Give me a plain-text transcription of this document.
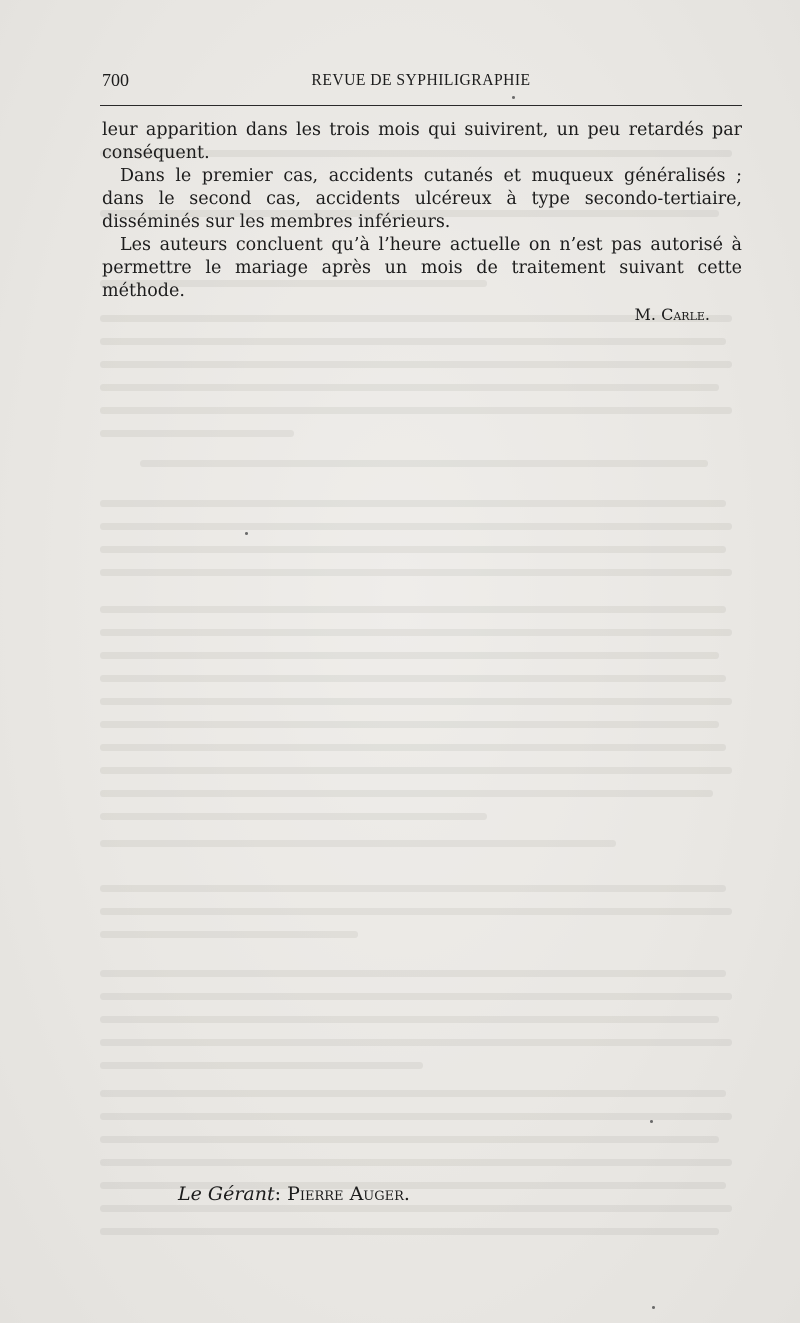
700	REVUE DE SYPHILIGRAPHIE

leur apparition dans les trois mois qui suivirent, un peu retardés par conséquent.

Dans le premier cas, accidents cutanés et muqueux généralisés ; dans le second cas, accidents ulcéreux à type secondo-tertiaire, disséminés sur les membres inférieurs.

Les auteurs concluent qu’à l’heure actuelle on n’est pas autorisé à permettre le mariage après un mois de traitement suivant cette méthode.

M. Carle.

Le Gérant: Pierre Auger.
